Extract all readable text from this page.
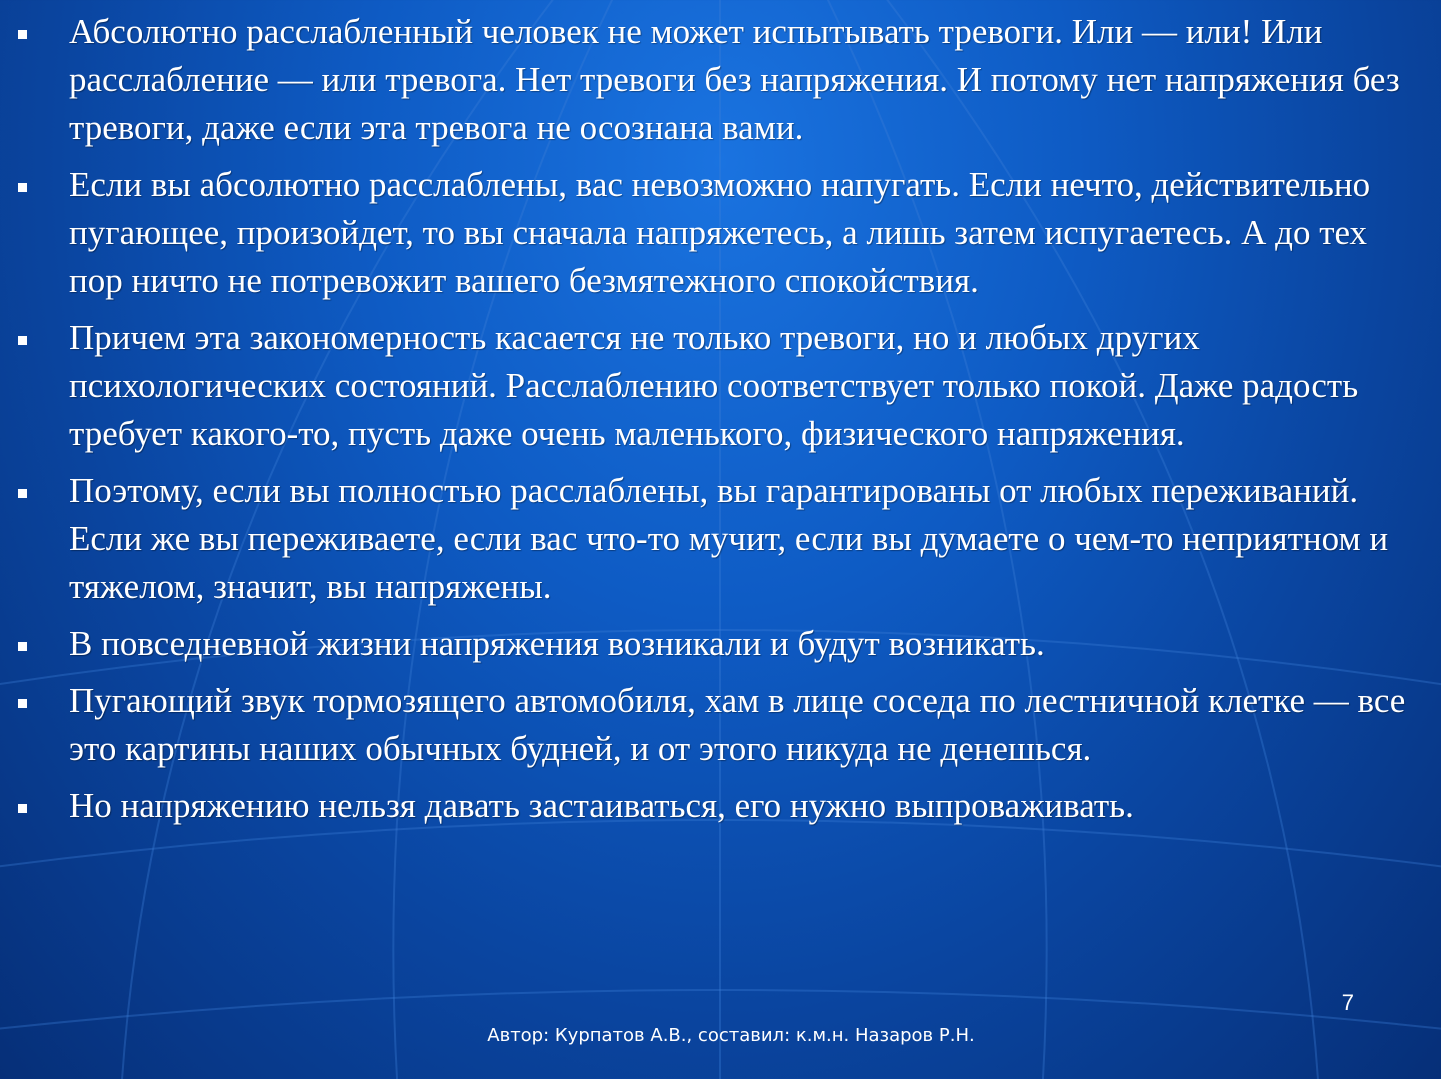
Абсолютно расслабленный человек не может испытывать тревоги. Или — или! Или расслабление — или тревога. Нет тревоги без напряжения. И потому нет напряжения без тревоги, даже если эта тревога не осознана вами.
Если вы абсолютно расслаблены, вас невозможно напугать. Если нечто, действительно пугающее, произойдет, то вы сначала напряжетесь, а лишь затем испугаетесь. А до тех пор ничто не потревожит вашего безмятежного спокойствия.
Причем эта закономерность касается не только тревоги, но и любых других психологических состояний. Расслаблению соответствует только покой. Даже радость требует какого-то, пусть даже очень маленького, физического напряжения.
Поэтому, если вы полностью расслаблены, вы гарантированы от любых переживаний. Если же вы переживаете, если вас что-то мучит, если вы думаете о чем-то неприятном и тяжелом, значит, вы напряжены.
В повседневной жизни напряжения возникали и будут возникать.
Пугающий звук тормозящего автомобиля, хам в лице соседа по лестничной клетке — все это картины наших обычных будней, и от этого никуда не денешься.
Но напряжению нельзя давать застаиваться, его нужно выпроваживать.
7
Автор: Курпатов А.В., составил: к.м.н. Назаров Р.Н.
